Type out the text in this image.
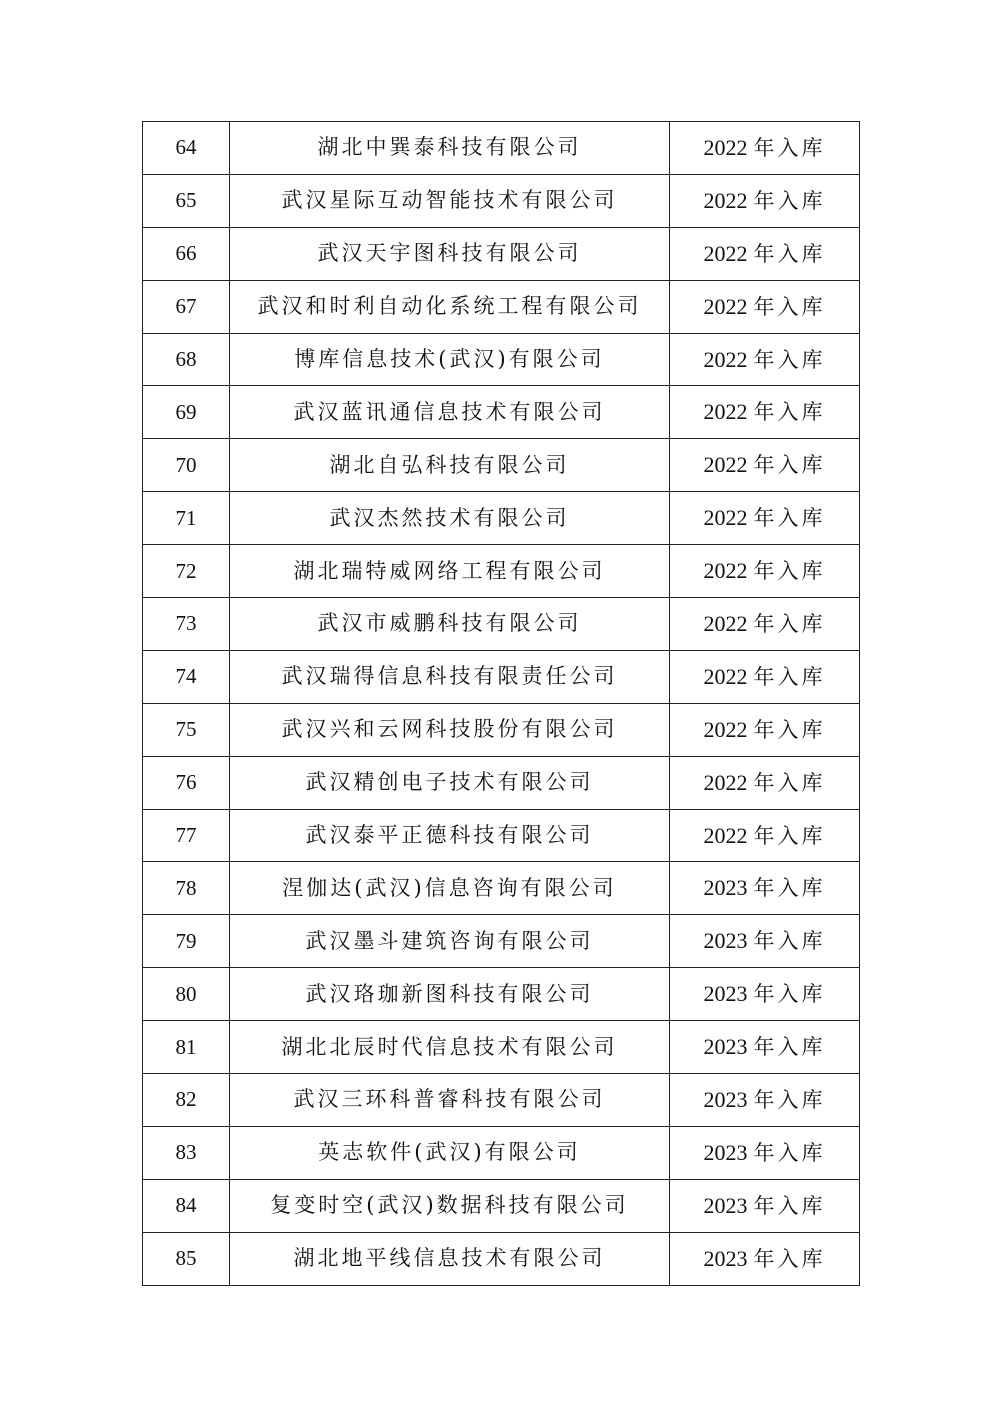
64	湖北中巽泰科技有限公司	2022 年入库
65	武汉星际互动智能技术有限公司	2022 年入库
66	武汉天宇图科技有限公司	2022 年入库
67	武汉和时利自动化系统工程有限公司	2022 年入库
68	博库信息技术(武汉)有限公司	2022 年入库
69	武汉蓝讯通信息技术有限公司	2022 年入库
70	湖北自弘科技有限公司	2022 年入库
71	武汉杰然技术有限公司	2022 年入库
72	湖北瑞特威网络工程有限公司	2022 年入库
73	武汉市威鹏科技有限公司	2022 年入库
74	武汉瑞得信息科技有限责任公司	2022 年入库
75	武汉兴和云网科技股份有限公司	2022 年入库
76	武汉精创电子技术有限公司	2022 年入库
77	武汉泰平正德科技有限公司	2022 年入库
78	涅伽达(武汉)信息咨询有限公司	2023 年入库
79	武汉墨斗建筑咨询有限公司	2023 年入库
80	武汉珞珈新图科技有限公司	2023 年入库
81	湖北北辰时代信息技术有限公司	2023 年入库
82	武汉三环科普睿科技有限公司	2023 年入库
83	英志软件(武汉)有限公司	2023 年入库
84	复变时空(武汉)数据科技有限公司	2023 年入库
85	湖北地平线信息技术有限公司	2023 年入库
